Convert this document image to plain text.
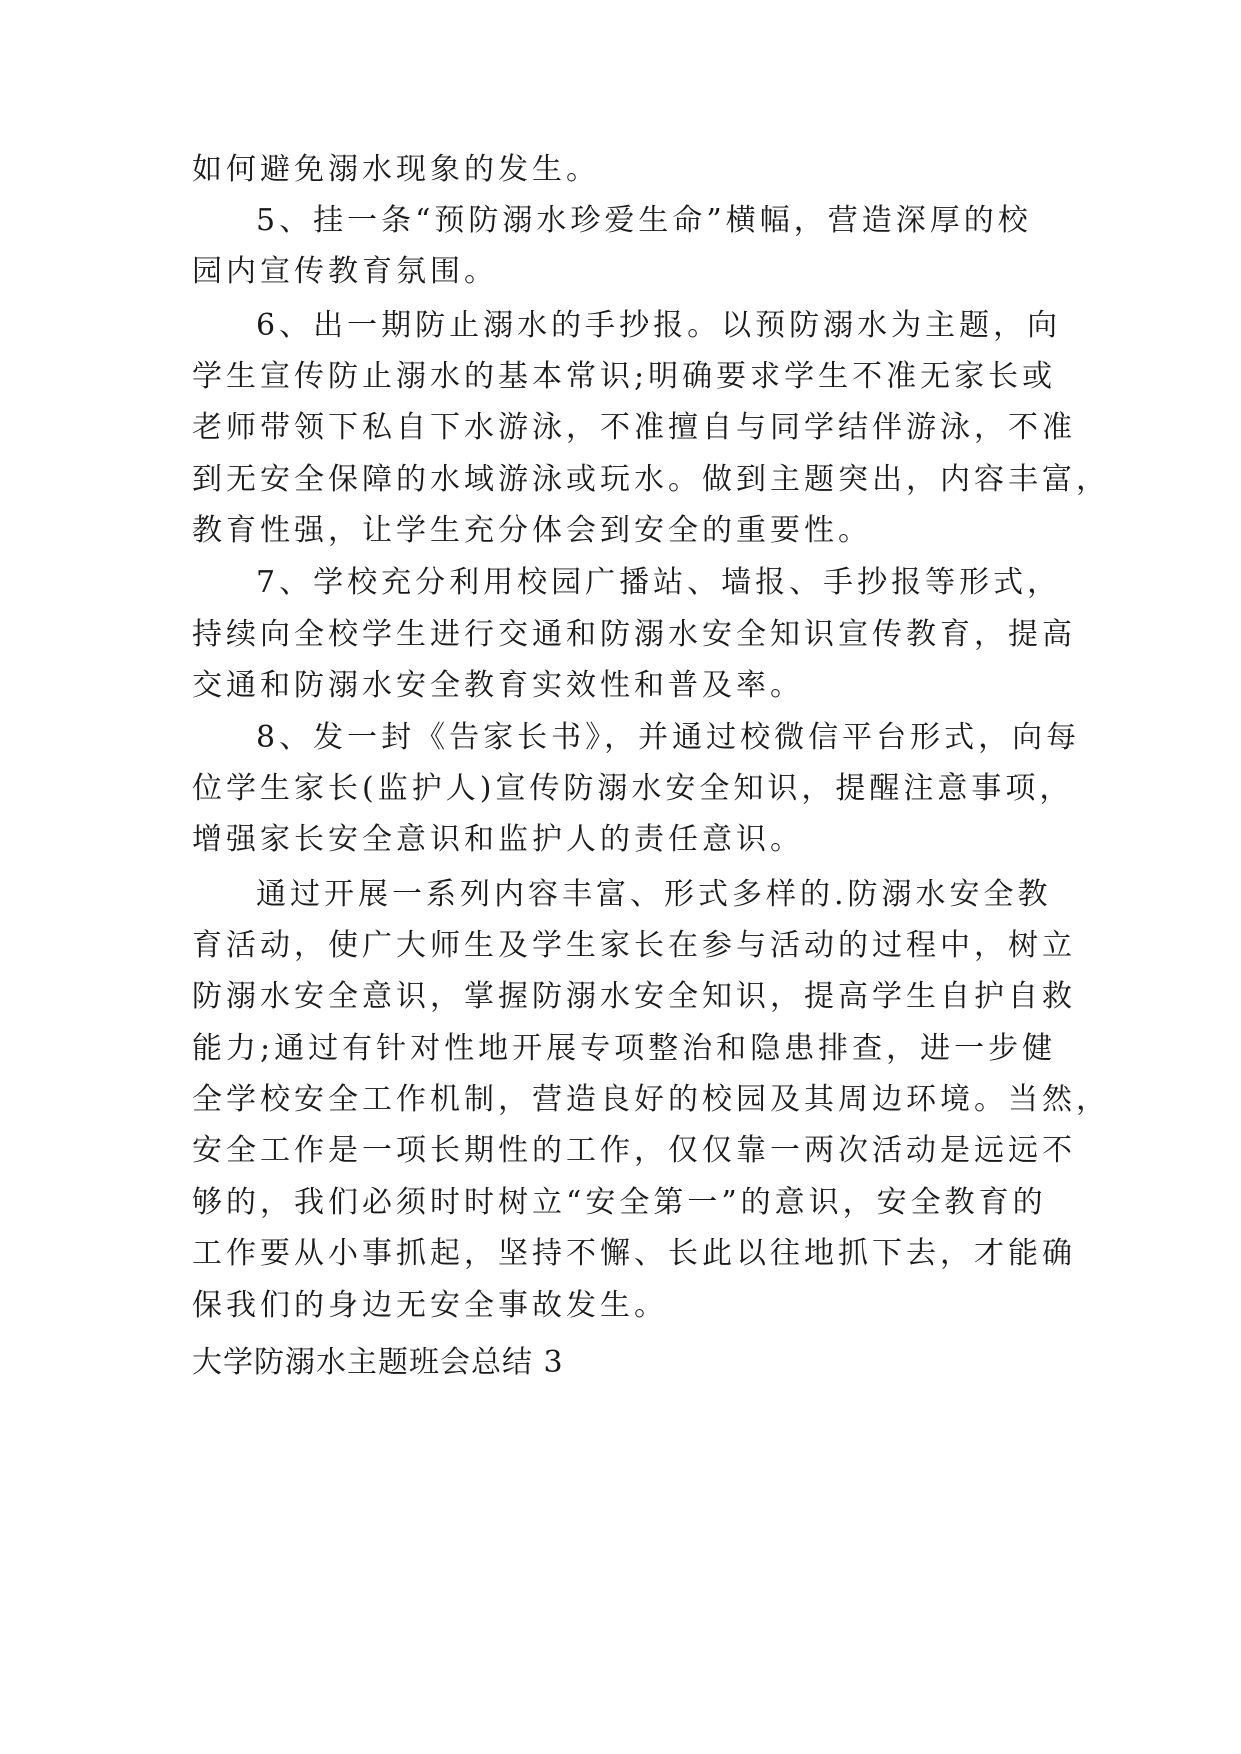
如何避免溺水现象的发生。

5、挂一条“预防溺水珍爱生命”横幅，营造深厚的校

园内宣传教育氛围。

6、出一期防止溺水的手抄报。以预防溺水为主题，向

学生宣传防止溺水的基本常识;明确要求学生不准无家长或

老师带领下私自下水游泳，不准擅自与同学结伴游泳，不准

到无安全保障的水域游泳或玩水。做到主题突出，内容丰富，

教育性强，让学生充分体会到安全的重要性。

7、学校充分利用校园广播站、墙报、手抄报等形式，

持续向全校学生进行交通和防溺水安全知识宣传教育，提高

交通和防溺水安全教育实效性和普及率。

8、发一封《告家长书》，并通过校微信平台形式，向每

位学生家长(监护人)宣传防溺水安全知识，提醒注意事项，

增强家长安全意识和监护人的责任意识。

通过开展一系列内容丰富、形式多样的.防溺水安全教

育活动，使广大师生及学生家长在参与活动的过程中，树立

防溺水安全意识，掌握防溺水安全知识，提高学生自护自救

能力;通过有针对性地开展专项整治和隐患排查，进一步健

全学校安全工作机制，营造良好的校园及其周边环境。当然，

安全工作是一项长期性的工作，仅仅靠一两次活动是远远不

够的，我们必须时时树立“安全第一”的意识，安全教育的

工作要从小事抓起，坚持不懈、长此以往地抓下去，才能确

保我们的身边无安全事故发生。

大学防溺水主题班会总结 3
